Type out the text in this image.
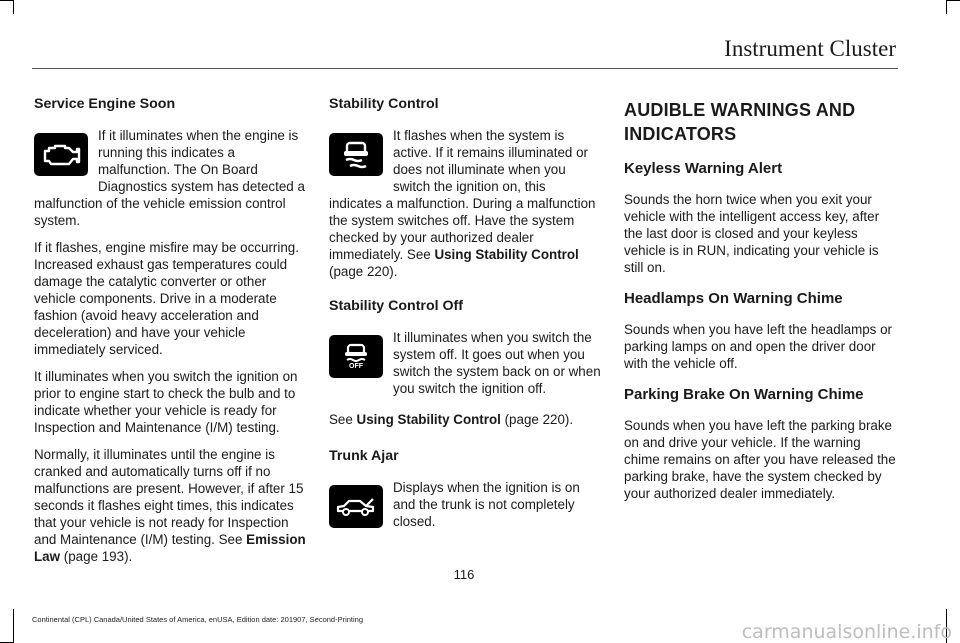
Instrument Cluster
Service Engine Soon

If it illuminates when the engine is running this indicates a malfunction. The On Board Diagnostics system has detected a malfunction of the vehicle emission control system.

If it flashes, engine misfire may be occurring. Increased exhaust gas temperatures could damage the catalytic converter or other vehicle components. Drive in a moderate fashion (avoid heavy acceleration and deceleration) and have your vehicle immediately serviced.

It illuminates when you switch the ignition on prior to engine start to check the bulb and to indicate whether your vehicle is ready for Inspection and Maintenance (I/M) testing.

Normally, it illuminates until the engine is cranked and automatically turns off if no malfunctions are present. However, if after 15 seconds it flashes eight times, this indicates that your vehicle is not ready for Inspection and Maintenance (I/M) testing. See Emission Law (page 193).

Stability Control

It flashes when the system is active. If it remains illuminated or does not illuminate when you switch the ignition on, this indicates a malfunction. During a malfunction the system switches off. Have the system checked by your authorized dealer immediately. See Using Stability Control (page 220).

Stability Control Off
OFF

It illuminates when you switch the system off. It goes out when you switch the system back on or when you switch the ignition off.

See Using Stability Control (page 220).

Trunk Ajar

Displays when the ignition is on and the trunk is not completely closed.

AUDIBLE WARNINGS AND INDICATORS
Keyless Warning Alert

Sounds the horn twice when you exit your vehicle with the intelligent access key, after the last door is closed and your keyless vehicle is in RUN, indicating your vehicle is still on.

Headlamps On Warning Chime

Sounds when you have left the headlamps or parking lamps on and open the driver door with the vehicle off.

Parking Brake On Warning Chime

Sounds when you have left the parking brake on and drive your vehicle. If the warning chime remains on after you have released the parking brake, have the system checked by your authorized dealer immediately.

116
Continental (CPL) Canada/United States of America, enUSA, Edition date: 201907, Second-Printing
carmanualsonline.info
